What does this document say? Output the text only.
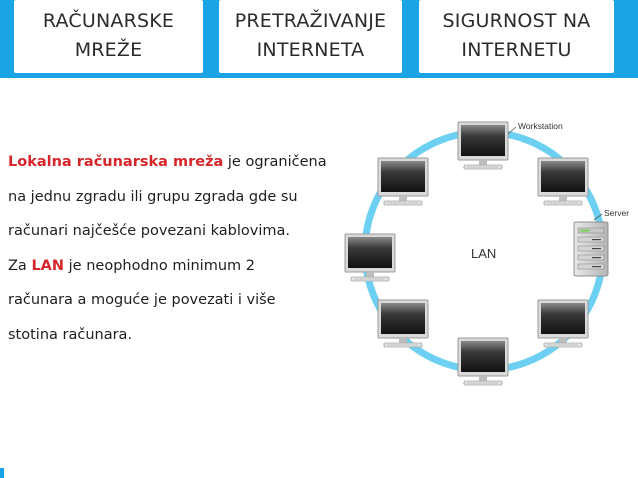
RAČUNARSKE
MREŽE
PRETRAŽIVANJE
INTERNETA
SIGURNOST NA
INTERNETU
Lokalna računarska mreža je ograničena
na jednu zgradu ili grupu zgrada gde su
računari najčešće povezani kablovima.
Za LAN je neophodno minimum 2
računara a moguće je povezati i više
stotina računara.
Workstation
Server
LAN
